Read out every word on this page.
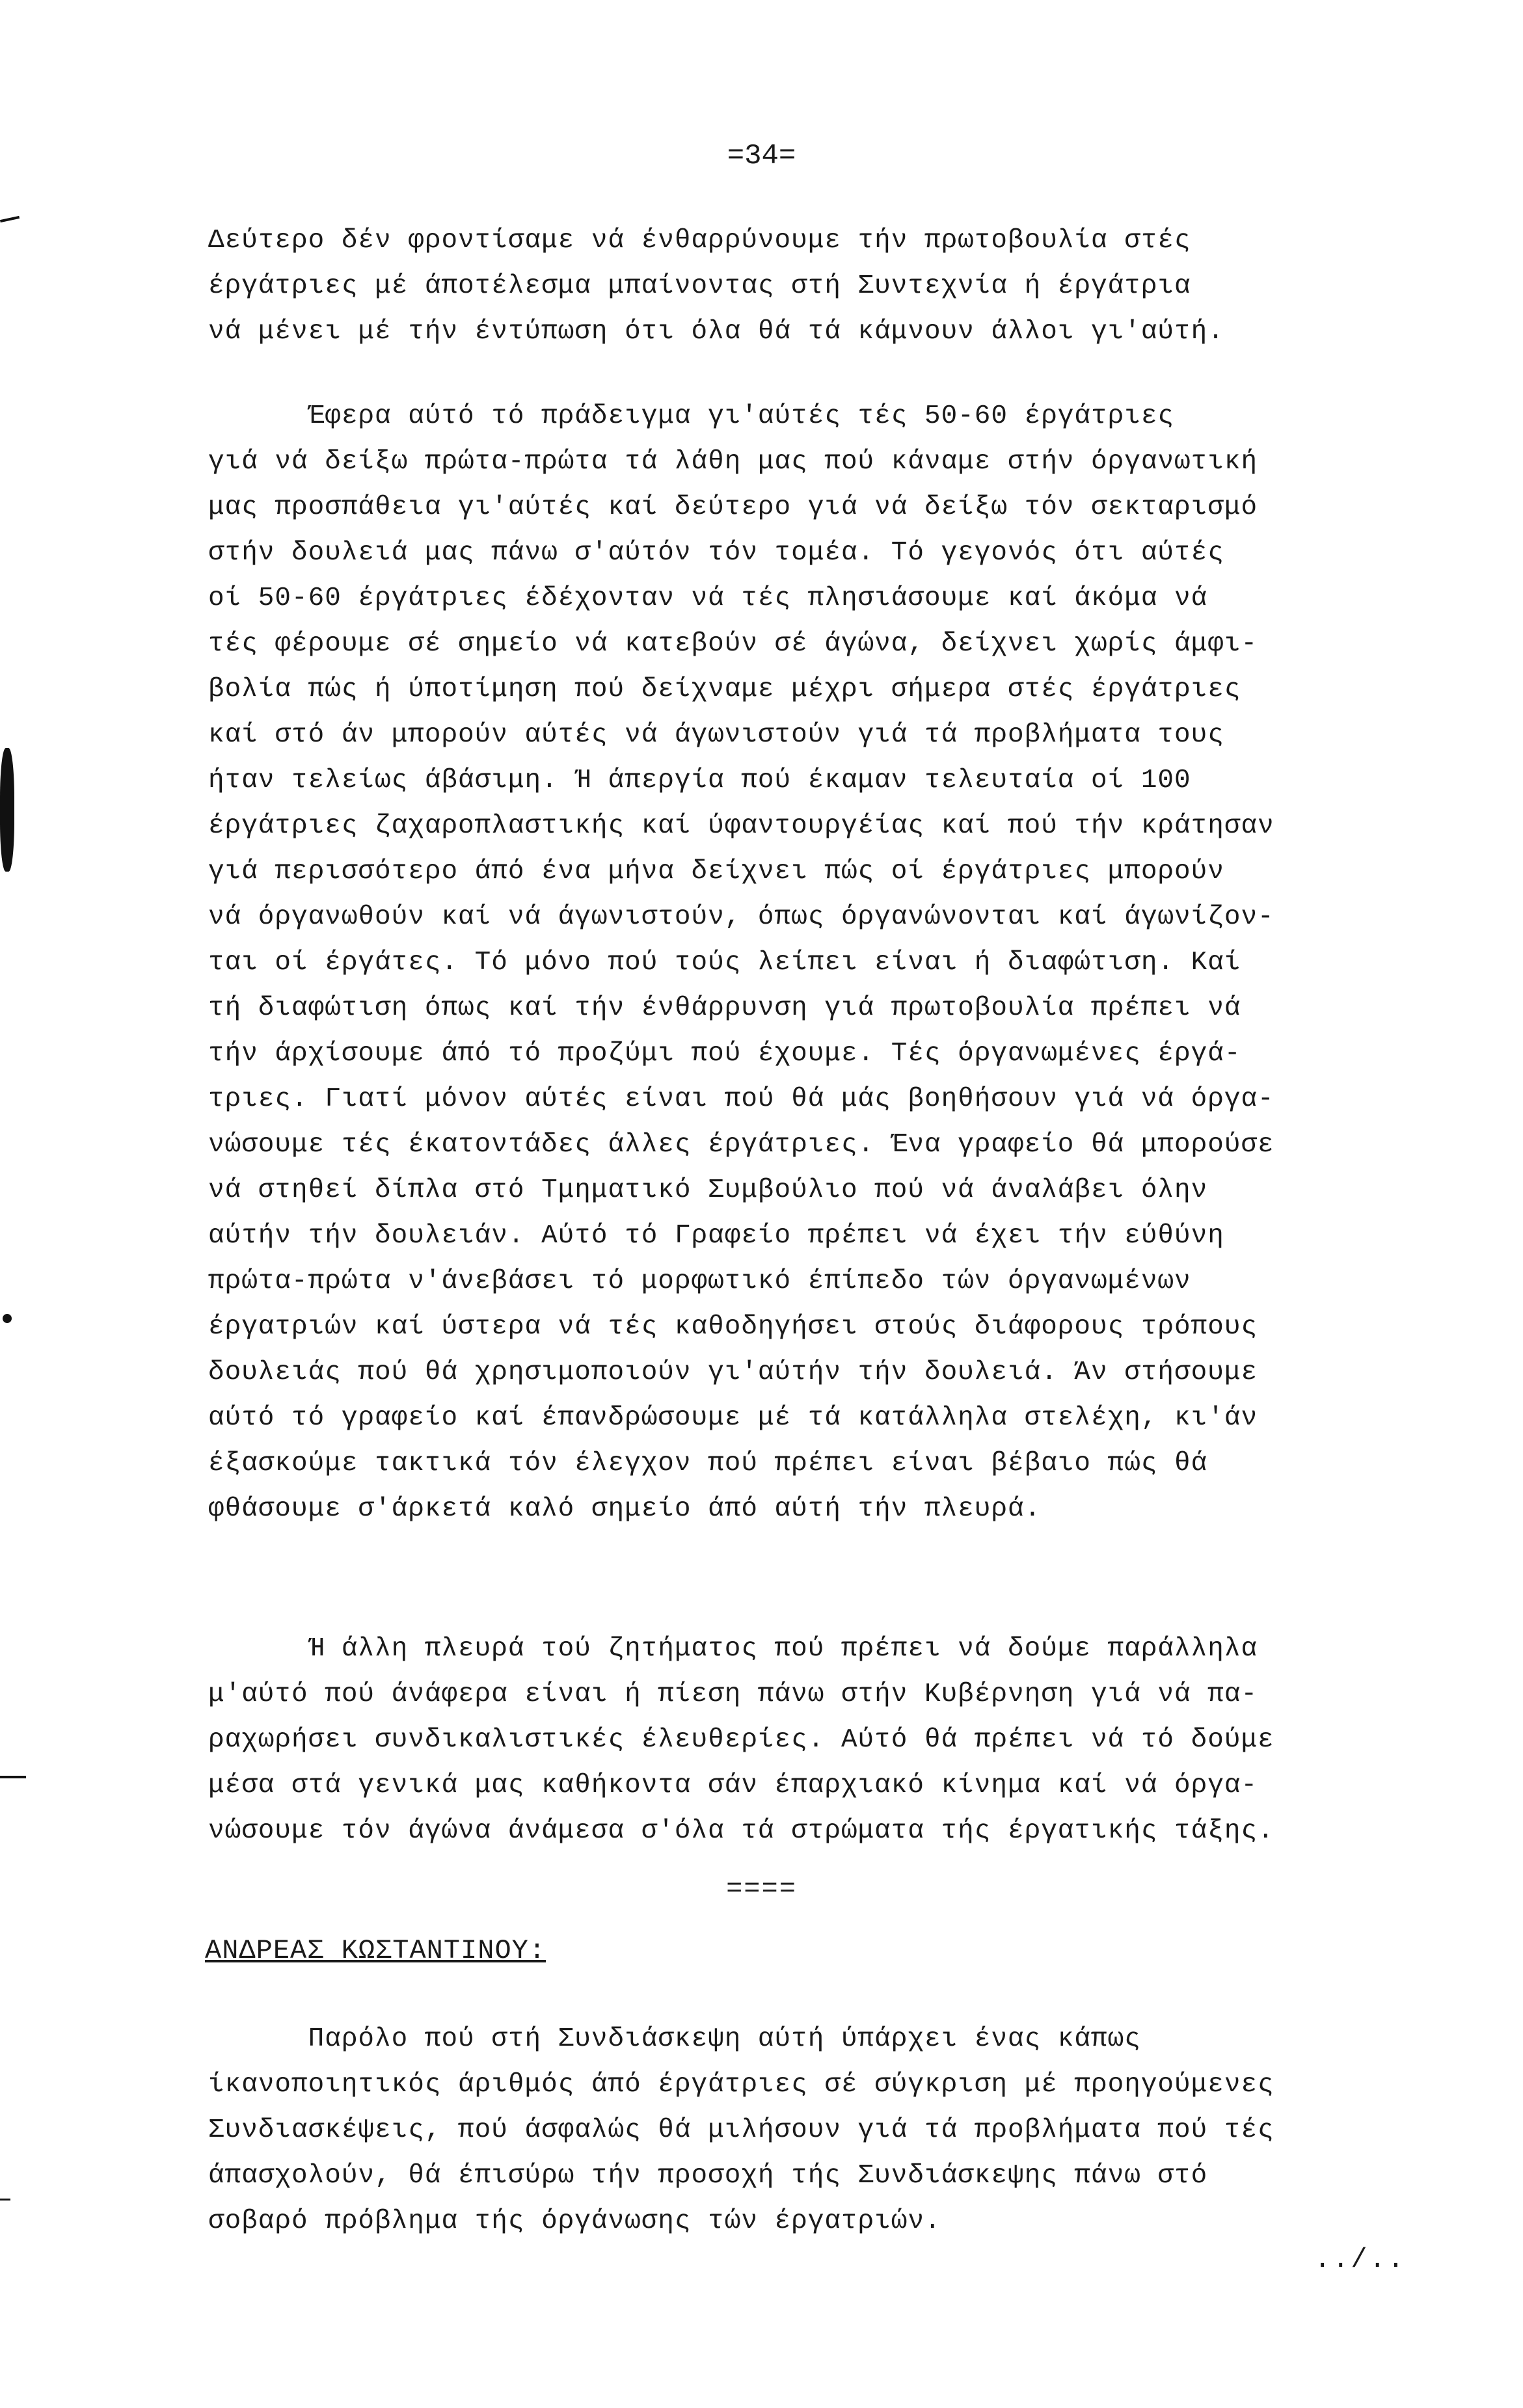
=34=
Δεύτερο δέν φροντίσαμε νά ένθαρρύνουμε τήν πρωτοβουλία στές
έργάτριες μέ άποτέλεσμα μπαίνοντας στή Συντεχνία ή έργάτρια
νά μένει μέ τήν έντύπωση ότι όλα θά τά κάμνουν άλλοι γι'αύτή.
Έφερα αύτό τό πράδειγμα γι'αύτές τές 50-60 έργάτριες
γιά νά δείξω πρώτα-πρώτα τά λάθη μας πού κάναμε στήν όργανωτική
μας προσπάθεια γι'αύτές καί δεύτερο γιά νά δείξω τόν σεκταρισμό
στήν δουλειά μας πάνω σ'αύτόν τόν τομέα. Τό γεγονός ότι αύτές
οί 50-60 έργάτριες έδέχονταν νά τές πλησιάσουμε καί άκόμα νά
τές φέρουμε σέ σημείο νά κατεβούν σέ άγώνα, δείχνει χωρίς άμφι-
βολία πώς ή ύποτίμηση πού δείχναμε μέχρι σήμερα στές έργάτριες
καί στό άν μπορούν αύτές νά άγωνιστούν γιά τά προβλήματα τους
ήταν τελείως άβάσιμη. Ή άπεργία πού έκαμαν τελευταία οί 100
έργάτριες ζαχαροπλαστικής καί ύφαντουργέίας καί πού τήν κράτησαν
γιά περισσότερο άπό ένα μήνα δείχνει πώς οί έργάτριες μπορούν
νά όργανωθούν καί νά άγωνιστούν, όπως όργανώνονται καί άγωνίζον-
ται οί έργάτες. Τό μόνο πού τούς λείπει είναι ή διαφώτιση. Καί
τή διαφώτιση όπως καί τήν ένθάρρυνση γιά πρωτοβουλία πρέπει νά
τήν άρχίσουμε άπό τό προζύμι πού έχουμε. Τές όργανωμένες έργά-
τριες. Γιατί μόνον αύτές είναι πού θά μάς βοηθήσουν γιά νά όργα-
νώσουμε τές έκατοντάδες άλλες έργάτριες. Ένα γραφείο θά μπορούσε
νά στηθεί δίπλα στό Τμηματικό Συμβούλιο πού νά άναλάβει όλην
αύτήν τήν δουλειάν. Αύτό τό Γραφείο πρέπει νά έχει τήν εύθύνη
πρώτα-πρώτα ν'άνεβάσει τό μορφωτικό έπίπεδο τών όργανωμένων
έργατριών καί ύστερα νά τές καθοδηγήσει στούς διάφορους τρόπους
δουλειάς πού θά χρησιμοποιούν γι'αύτήν τήν δουλειά. Άν στήσουμε
αύτό τό γραφείο καί έπανδρώσουμε μέ τά κατάλληλα στελέχη, κι'άν
έξασκούμε τακτικά τόν έλεγχον πού πρέπει είναι βέβαιο πώς θά
φθάσουμε σ'άρκετά καλό σημείο άπό αύτή τήν πλευρά.
Ή άλλη πλευρά τού ζητήματος πού πρέπει νά δούμε παράλληλα
μ'αύτό πού άνάφερα είναι ή πίεση πάνω στήν Κυβέρνηση γιά νά πα-
ραχωρήσει συνδικαλιστικές έλευθερίες. Αύτό θά πρέπει νά τό δούμε
μέσα στά γενικά μας καθήκοντα σάν έπαρχιακό κίνημα καί νά όργα-
νώσουμε τόν άγώνα άνάμεσα σ'όλα τά στρώματα τής έργατικής τάξης.
====
ΑΝΔΡΕΑΣ ΚΩΣΤΑΝΤΙΝΟΥ:
Παρόλο πού στή Συνδιάσκεψη αύτή ύπάρχει ένας κάπως
ίκανοποιητικός άριθμός άπό έργάτριες σέ σύγκριση μέ προηγούμενες
Συνδιασκέψεις, πού άσφαλώς θά μιλήσουν γιά τά προβλήματα πού τές
άπασχολούν, θά έπισύρω τήν προσοχή τής Συνδιάσκεψης πάνω στό
σοβαρό πρόβλημα τής όργάνωσης τών έργατριών.
../..
